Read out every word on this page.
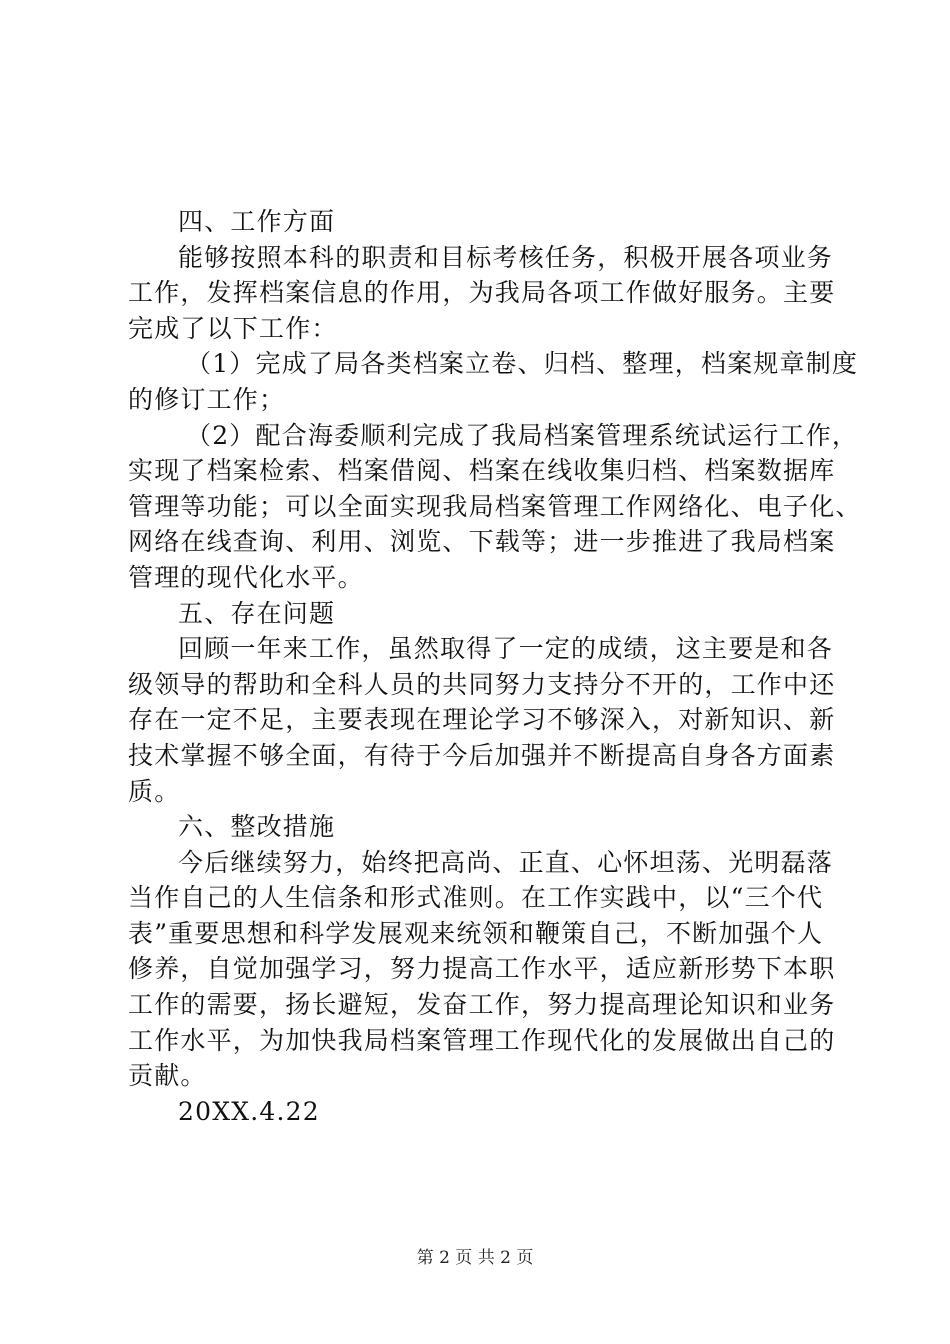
四、工作方面
能够按照本科的职责和目标考核任务，积极开展各项业务
工作，发挥档案信息的作用，为我局各项工作做好服务。主要
完成了以下工作：
（1）完成了局各类档案立卷、归档、整理，档案规章制度
的修订工作；
（2）配合海委顺利完成了我局档案管理系统试运行工作，
实现了档案检索、档案借阅、档案在线收集归档、档案数据库
管理等功能；可以全面实现我局档案管理工作网络化、电子化、
网络在线查询、利用、浏览、下载等；进一步推进了我局档案
管理的现代化水平。
五、存在问题
回顾一年来工作，虽然取得了一定的成绩，这主要是和各
级领导的帮助和全科人员的共同努力支持分不开的，工作中还
存在一定不足，主要表现在理论学习不够深入，对新知识、新
技术掌握不够全面，有待于今后加强并不断提高自身各方面素
质。
六、整改措施
今后继续努力，始终把高尚、正直、心怀坦荡、光明磊落
当作自己的人生信条和形式准则。在工作实践中，以“三个代
表”重要思想和科学发展观来统领和鞭策自己，不断加强个人
修养，自觉加强学习，努力提高工作水平，适应新形势下本职
工作的需要，扬长避短，发奋工作，努力提高理论知识和业务
工作水平，为加快我局档案管理工作现代化的发展做出自己的
贡献。
20XX.4.22
第 2 页 共 2 页
